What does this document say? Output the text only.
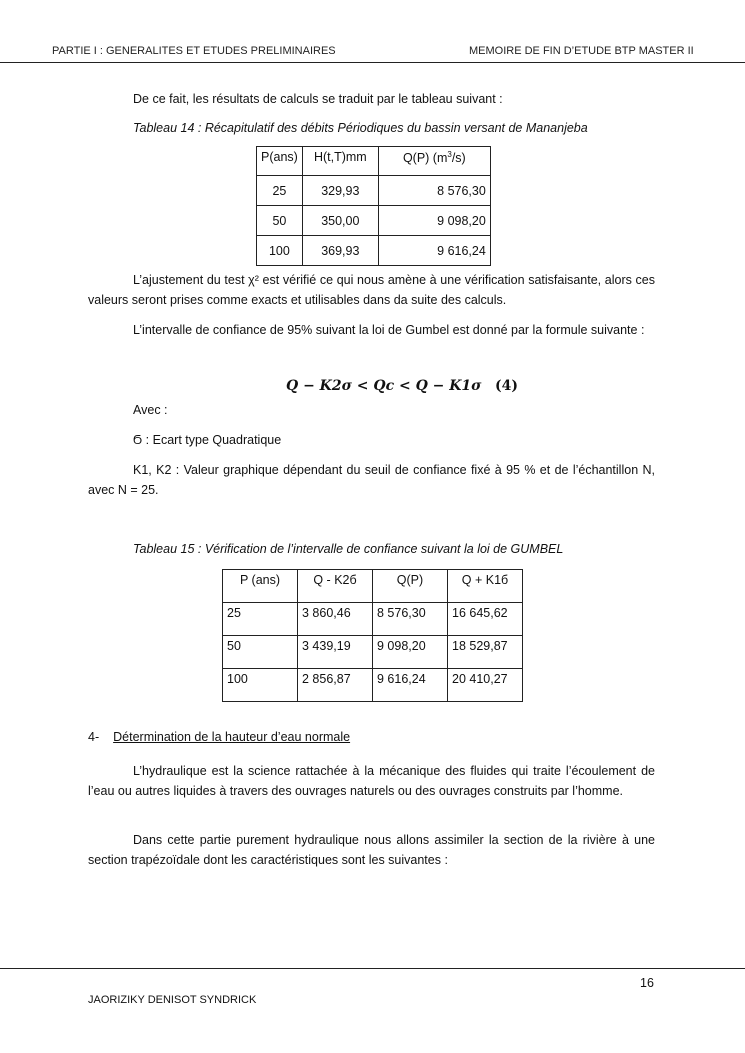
PARTIE I : GENERALITES ET ETUDES PRELIMINAIRES	MEMOIRE DE FIN D’ETUDE BTP MASTER II
De ce fait, les résultats de calculs se traduit par le tableau suivant :
Tableau 14 : Récapitulatif des débits Périodiques du bassin versant de Mananjeba
P(ans)	H(t,T)mm	Q(P) $(m^3/s)$
25	329,93	8 576,30
50	350,00	9 098,20
100	369,93	9 616,24
L’ajustement du test χ² est vérifié ce qui nous amène à une vérification satisfaisante, alors ces valeurs seront prises comme exacts et utilisables dans da suite des calculs.
L’intervalle de confiance de 95% suivant la loi de Gumbel est donné par la formule suivante :
Q − K2σ < Qc < Q − K1σ (4)
Avec :
Ϭ : Ecart type Quadratique
K1, K2 : Valeur graphique dépendant du seuil de confiance fixé à 95 % et de l’échantillon N, avec N = 25.
Tableau 15 : Vérification de l’intervalle de confiance suivant la loi de GUMBEL
P (ans)	Q - K2б	Q(P)	Q + K1б
25	3 860,46	8 576,30	16 645,62
50	3 439,19	9 098,20	18 529,87
100	2 856,87	9 616,24	20 410,27
4- Détermination de la hauteur d’eau normale
L’hydraulique est la science rattachée à la mécanique des fluides qui traite l’écoulement de l’eau ou autres liquides à travers des ouvrages naturels ou des ouvrages construits par l’homme.
Dans cette partie purement hydraulique nous allons assimiler la section de la rivière à une section trapézoïdale dont les caractéristiques sont les suivantes :
16
JAORIZIKY DENISOT SYNDRICK
